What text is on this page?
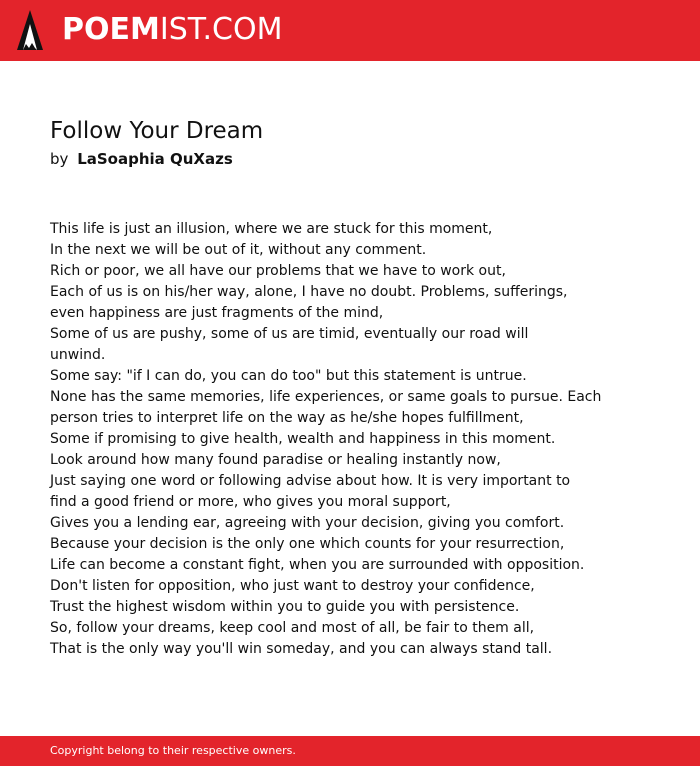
POEMIST.COM
Follow Your Dream
by LaSoaphia QuXazs
This life is just an illusion, where we are stuck for this moment,
In the next we will be out of it, without any comment.
Rich or poor, we all have our problems that we have to work out,
Each of us is on his/her way, alone, I have no doubt. Problems, sufferings,
even happiness are just fragments of the mind,
Some of us are pushy, some of us are timid, eventually our road will
unwind.
Some say: "if I can do, you can do too" but this statement is untrue.
None has the same memories, life experiences, or same goals to pursue. Each
person tries to interpret life on the way as he/she hopes fulfillment,
Some if promising to give health, wealth and happiness in this moment.
Look around how many found paradise or healing instantly now,
Just saying one word or following advise about how. It is very important to
find a good friend or more, who gives you moral support,
Gives you a lending ear, agreeing with your decision, giving you comfort.
Because your decision is the only one which counts for your resurrection,
Life can become a constant fight, when you are surrounded with opposition.
Don't listen for opposition, who just want to destroy your confidence,
Trust the highest wisdom within you to guide you with persistence.
So, follow your dreams, keep cool and most of all, be fair to them all,
That is the only way you'll win someday, and you can always stand tall.
Copyright belong to their respective owners.
